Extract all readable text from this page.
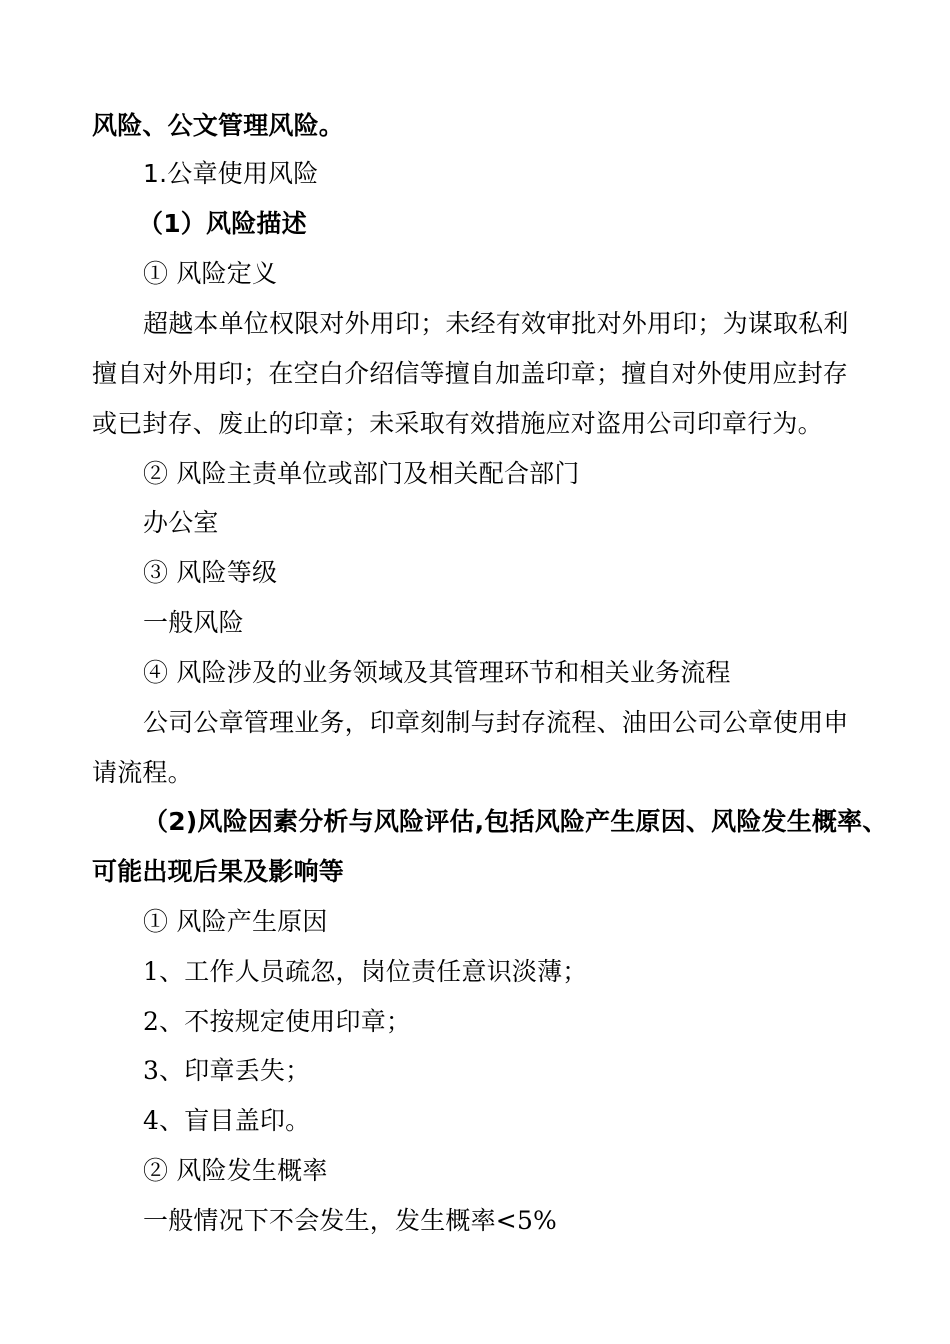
风险、公文管理风险。
1.公章使用风险
（1）风险描述
① 风险定义
超越本单位权限对外用印；未经有效审批对外用印；为谋取私利
擅自对外用印；在空白介绍信等擅自加盖印章；擅自对外使用应封存
或已封存、废止的印章；未采取有效措施应对盗用公司印章行为。
② 风险主责单位或部门及相关配合部门
办公室
③ 风险等级
一般风险
④ 风险涉及的业务领域及其管理环节和相关业务流程
公司公章管理业务，印章刻制与封存流程、油田公司公章使用申
请流程。
（2)风险因素分析与风险评估,包括风险产生原因、风险发生概率、
可能出现后果及影响等
① 风险产生原因
1、工作人员疏忽，岗位责任意识淡薄；
2、不按规定使用印章；
3、印章丢失；
4、盲目盖印。
② 风险发生概率
一般情况下不会发生，发生概率<5%
